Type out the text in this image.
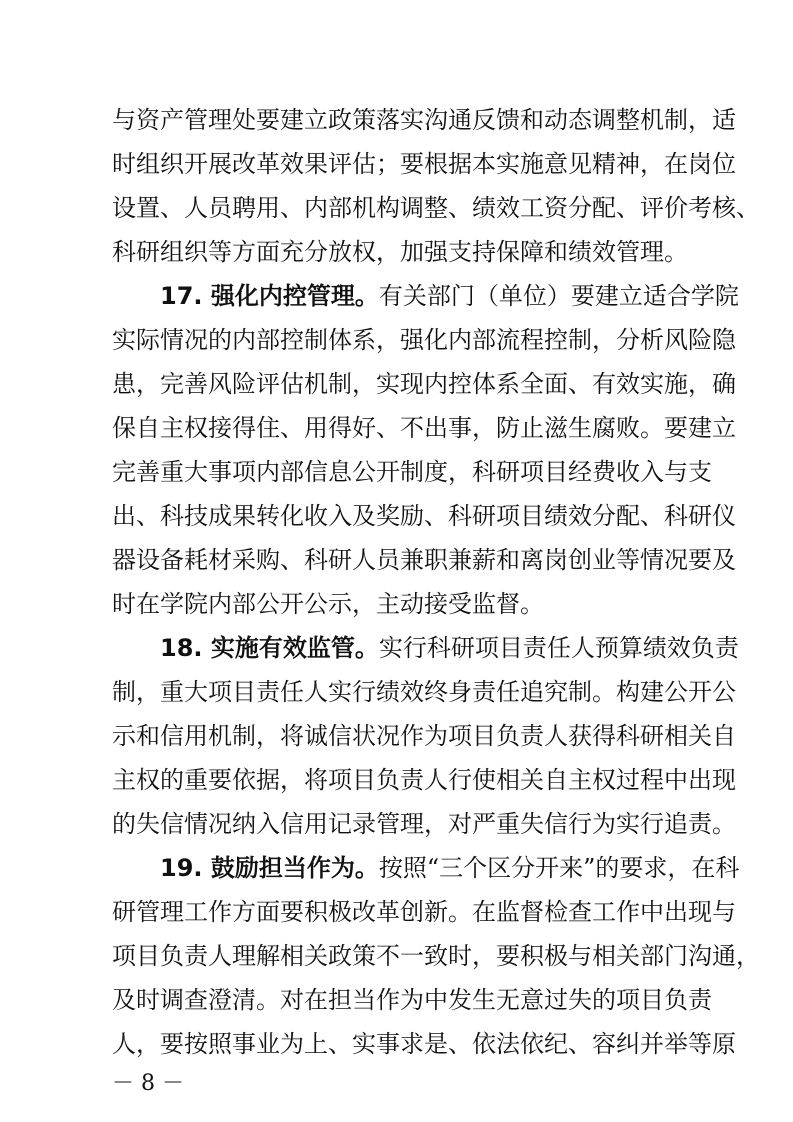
与资产管理处要建立政策落实沟通反馈和动态调整机制，适
时组织开展改革效果评估；要根据本实施意见精神，在岗位
设置、人员聘用、内部机构调整、绩效工资分配、评价考核、
科研组织等方面充分放权，加强支持保障和绩效管理。
17. 强化内控管理。有关部门（单位）要建立适合学院
实际情况的内部控制体系，强化内部流程控制，分析风险隐
患，完善风险评估机制，实现内控体系全面、有效实施，确
保自主权接得住、用得好、不出事，防止滋生腐败。要建立
完善重大事项内部信息公开制度，科研项目经费收入与支
出、科技成果转化收入及奖励、科研项目绩效分配、科研仪
器设备耗材采购、科研人员兼职兼薪和离岗创业等情况要及
时在学院内部公开公示，主动接受监督。
18. 实施有效监管。实行科研项目责任人预算绩效负责
制，重大项目责任人实行绩效终身责任追究制。构建公开公
示和信用机制，将诚信状况作为项目负责人获得科研相关自
主权的重要依据，将项目负责人行使相关自主权过程中出现
的失信情况纳入信用记录管理，对严重失信行为实行追责。
19. 鼓励担当作为。按照“三个区分开来”的要求，在科
研管理工作方面要积极改革创新。在监督检查工作中出现与
项目负责人理解相关政策不一致时，要积极与相关部门沟通，
及时调查澄清。对在担当作为中发生无意过失的项目负责
人，要按照事业为上、实事求是、依法依纪、容纠并举等原
－ 8 －
